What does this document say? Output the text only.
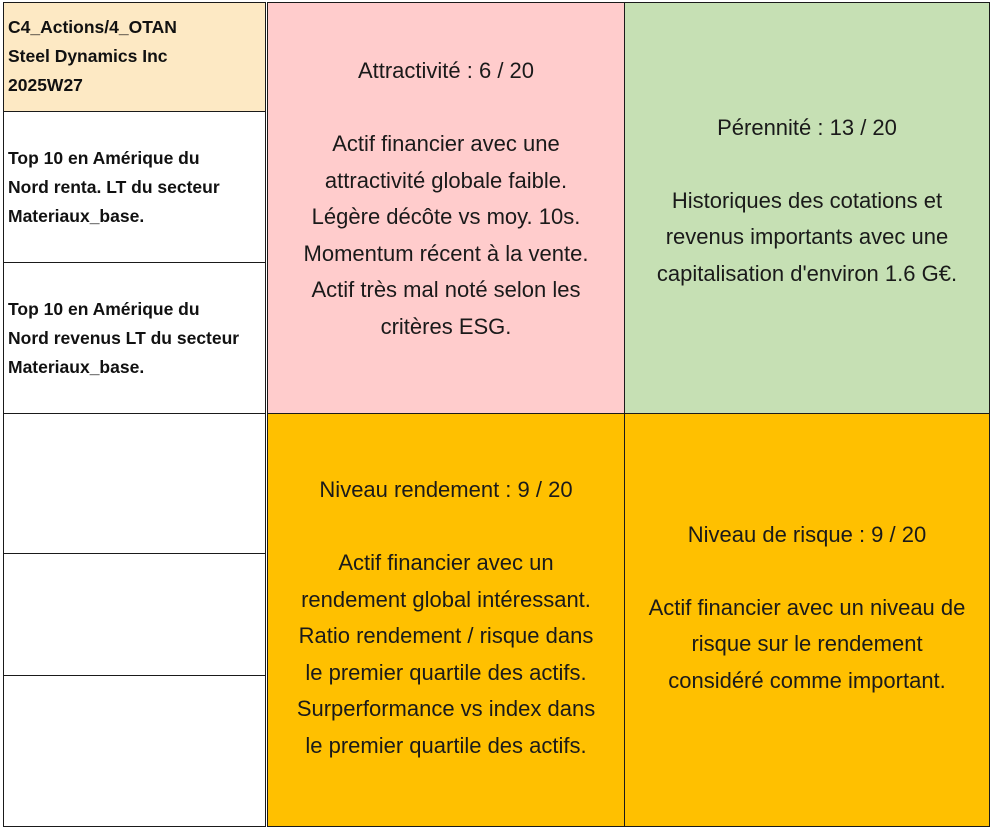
C4_Actions/4_OTAN
Steel Dynamics Inc
2025W27
Top 10 en Amérique du
Nord renta. LT du secteur
Materiaux_base.
Top 10 en Amérique du
Nord revenus LT du secteur
Materiaux_base.
Attractivité : 6 / 20
Actif financier avec une
attractivité globale faible.
Légère décôte vs moy. 10s.
Momentum récent à la vente.
Actif très mal noté selon les
critères ESG.
Pérennité : 13 / 20
Historiques des cotations et
revenus importants avec une
capitalisation d'environ 1.6 G€.
Niveau rendement : 9 / 20
Actif financier avec un
rendement global intéressant.
Ratio rendement / risque dans
le premier quartile des actifs.
Surperformance vs index dans
le premier quartile des actifs.
Niveau de risque : 9 / 20
Actif financier avec un niveau de
risque sur le rendement
considéré comme important.
